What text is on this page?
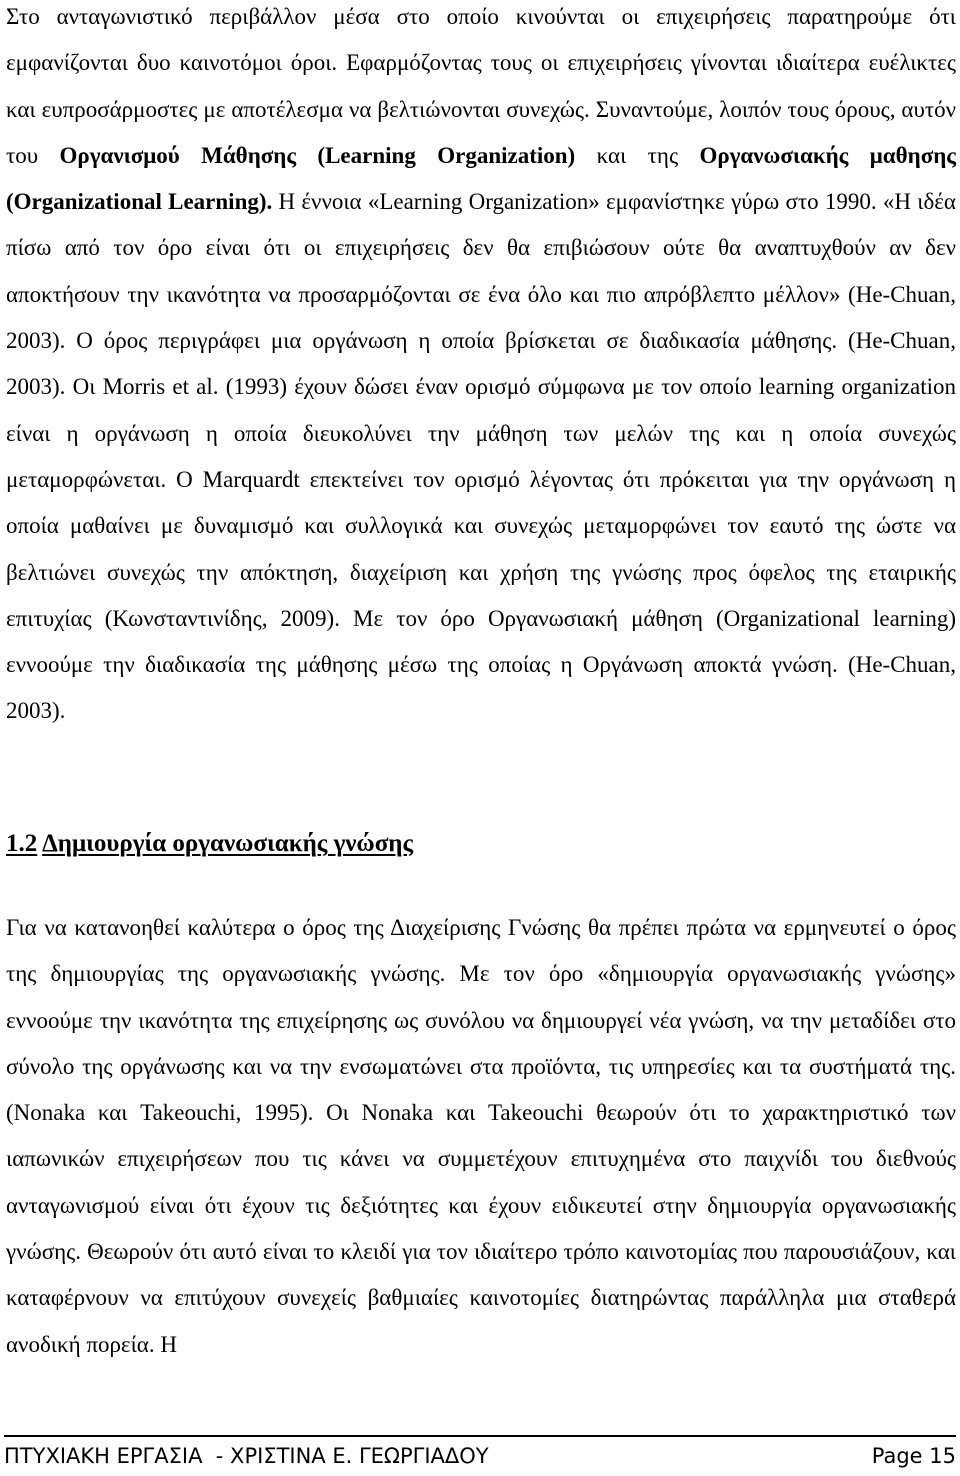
Στο ανταγωνιστικό περιβάλλον μέσα στο οποίο κινούνται οι επιχειρήσεις παρατηρούμε ότι εμφανίζονται δυο καινοτόμοι όροι. Εφαρμόζοντας τους οι επιχειρήσεις γίνονται ιδιαίτερα ευέλικτες και ευπροσάρμοστες με αποτέλεσμα να βελτιώνονται συνεχώς. Συναντούμε, λοιπόν τους όρους, αυτόν του Οργανισμού Μάθησης (Learning Organization) και της Οργανωσιακής μαθησης (Organizational Learning). Η έννοια «Learning Organization» εμφανίστηκε γύρω στο 1990. «Η ιδέα πίσω από τον όρο είναι ότι οι επιχειρήσεις δεν θα επιβιώσουν ούτε θα αναπτυχθούν αν δεν αποκτήσουν την ικανότητα να προσαρμόζονται σε ένα όλο και πιο απρόβλεπτο μέλλον» (He-Chuan, 2003). Ο όρος περιγράφει μια οργάνωση η οποία βρίσκεται σε διαδικασία μάθησης. (He-Chuan, 2003). Οι Morris et al. (1993) έχουν δώσει έναν ορισμό σύμφωνα με τον οποίο learning organization είναι η οργάνωση η οποία διευκολύνει την μάθηση των μελών της και η οποία συνεχώς μεταμορφώνεται. Ο Marquardt επεκτείνει τον ορισμό λέγοντας ότι πρόκειται για την οργάνωση η οποία μαθαίνει με δυναμισμό και συλλογικά και συνεχώς μεταμορφώνει τον εαυτό της ώστε να βελτιώνει συνεχώς την απόκτηση, διαχείριση και χρήση της γνώσης προς όφελος της εταιρικής επιτυχίας (Κωνσταντινίδης, 2009). Με τον όρο Οργανωσιακή μάθηση (Organizational learning) εννοούμε την διαδικασία της μάθησης μέσω της οποίας η Οργάνωση αποκτά γνώση. (He-Chuan, 2003).

1.2 Δημιουργία οργανωσιακής γνώσης

Για να κατανοηθεί καλύτερα ο όρος της Διαχείρισης Γνώσης θα πρέπει πρώτα να ερμηνευτεί ο όρος της δημιουργίας της οργανωσιακής γνώσης. Με τον όρο «δημιουργία οργανωσιακής γνώσης» εννοούμε την ικανότητα της επιχείρησης ως συνόλου να δημιουργεί νέα γνώση, να την μεταδίδει στο σύνολο της οργάνωσης και να την ενσωματώνει στα προϊόντα, τις υπηρεσίες και τα συστήματά της. (Nonaka και Takeouchi, 1995). Οι Nonaka και Takeouchi θεωρούν ότι το χαρακτηριστικό των ιαπωνικών επιχειρήσεων που τις κάνει να συμμετέχουν επιτυχημένα στο παιχνίδι του διεθνούς ανταγωνισμού είναι ότι έχουν τις δεξιότητες και έχουν ειδικευτεί στην δημιουργία οργανωσιακής γνώσης. Θεωρούν ότι αυτό είναι το κλειδί για τον ιδιαίτερο τρόπο καινοτομίας που παρουσιάζουν, και καταφέρνουν να επιτύχουν συνεχείς βαθμιαίες καινοτομίες διατηρώντας παράλληλα μια σταθερά ανοδική πορεία. Η

ΠΤΥΧΙΑΚΗ ΕΡΓΑΣΙΑ  - ΧΡΙΣΤΙΝΑ Ε. ΓΕΩΡΓΙΑΔΟΥ	Page 15
